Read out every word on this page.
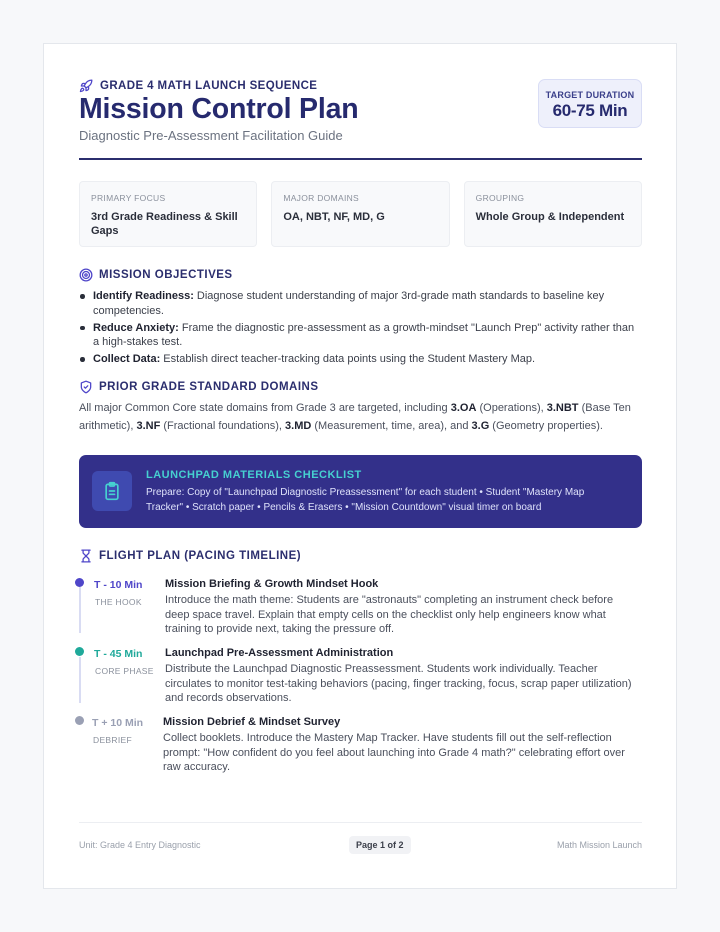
GRADE 4 MATH LAUNCH SEQUENCE
Mission Control Plan
Diagnostic Pre-Assessment Facilitation Guide
TARGET DURATION
60-75 Min
PRIMARY FOCUS
3rd Grade Readiness & Skill Gaps
MAJOR DOMAINS
OA, NBT, NF, MD, G
GROUPING
Whole Group & Independent
MISSION OBJECTIVES
Identify Readiness: Diagnose student understanding of major 3rd-grade math standards to baseline key competencies.
Reduce Anxiety: Frame the diagnostic pre-assessment as a growth-mindset "Launch Prep" activity rather than a high-stakes test.
Collect Data: Establish direct teacher-tracking data points using the Student Mastery Map.
PRIOR GRADE STANDARD DOMAINS

All major Common Core state domains from Grade 3 are targeted, including 3.OA (Operations), 3.NBT (Base Ten arithmetic), 3.NF (Fractional foundations), 3.MD (Measurement, time, area), and 3.G (Geometry properties).

LAUNCHPAD MATERIALS CHECKLIST
Prepare: Copy of "Launchpad Diagnostic Preassessment" for each student • Student "Mastery Map Tracker" • Scratch paper • Pencils & Erasers • "Mission Countdown" visual timer on board
FLIGHT PLAN (PACING TIMELINE)
T - 10 Min
THE HOOK
Mission Briefing & Growth Mindset Hook
Introduce the math theme: Students are "astronauts" completing an instrument check before deep space travel. Explain that empty cells on the checklist only help engineers know what training to provide next, taking the pressure off.
T - 45 Min
CORE PHASE
Launchpad Pre-Assessment Administration
Distribute the Launchpad Diagnostic Preassessment. Students work individually. Teacher circulates to monitor test-taking behaviors (pacing, finger tracking, focus, scrap paper utilization) and records observations.
T + 10 Min
DEBRIEF
Mission Debrief & Mindset Survey
Collect booklets. Introduce the Mastery Map Tracker. Have students fill out the self-reflection prompt: "How confident do you feel about launching into Grade 4 math?" celebrating effort over raw accuracy.
Unit: Grade 4 Entry Diagnostic	Page 1 of 2	Math Mission Launch
